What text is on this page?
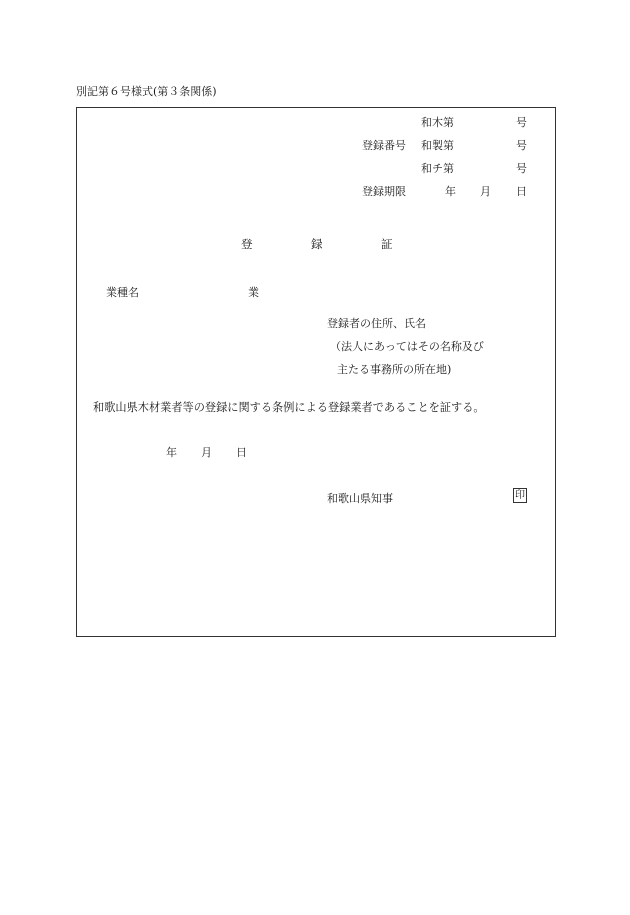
別記第６号様式(第３条関係)
和木第	号
登録番号 和製第	号
和チ第	号
登録期限	年 月 日
登	録	証
業種名	業
登録者の住所、氏名
（法人にあってはその名称及び
主たる事務所の所在地)
和歌山県木材業者等の登録に関する条例による登録業者であることを証する。
年 月 日
和歌山県知事	印
